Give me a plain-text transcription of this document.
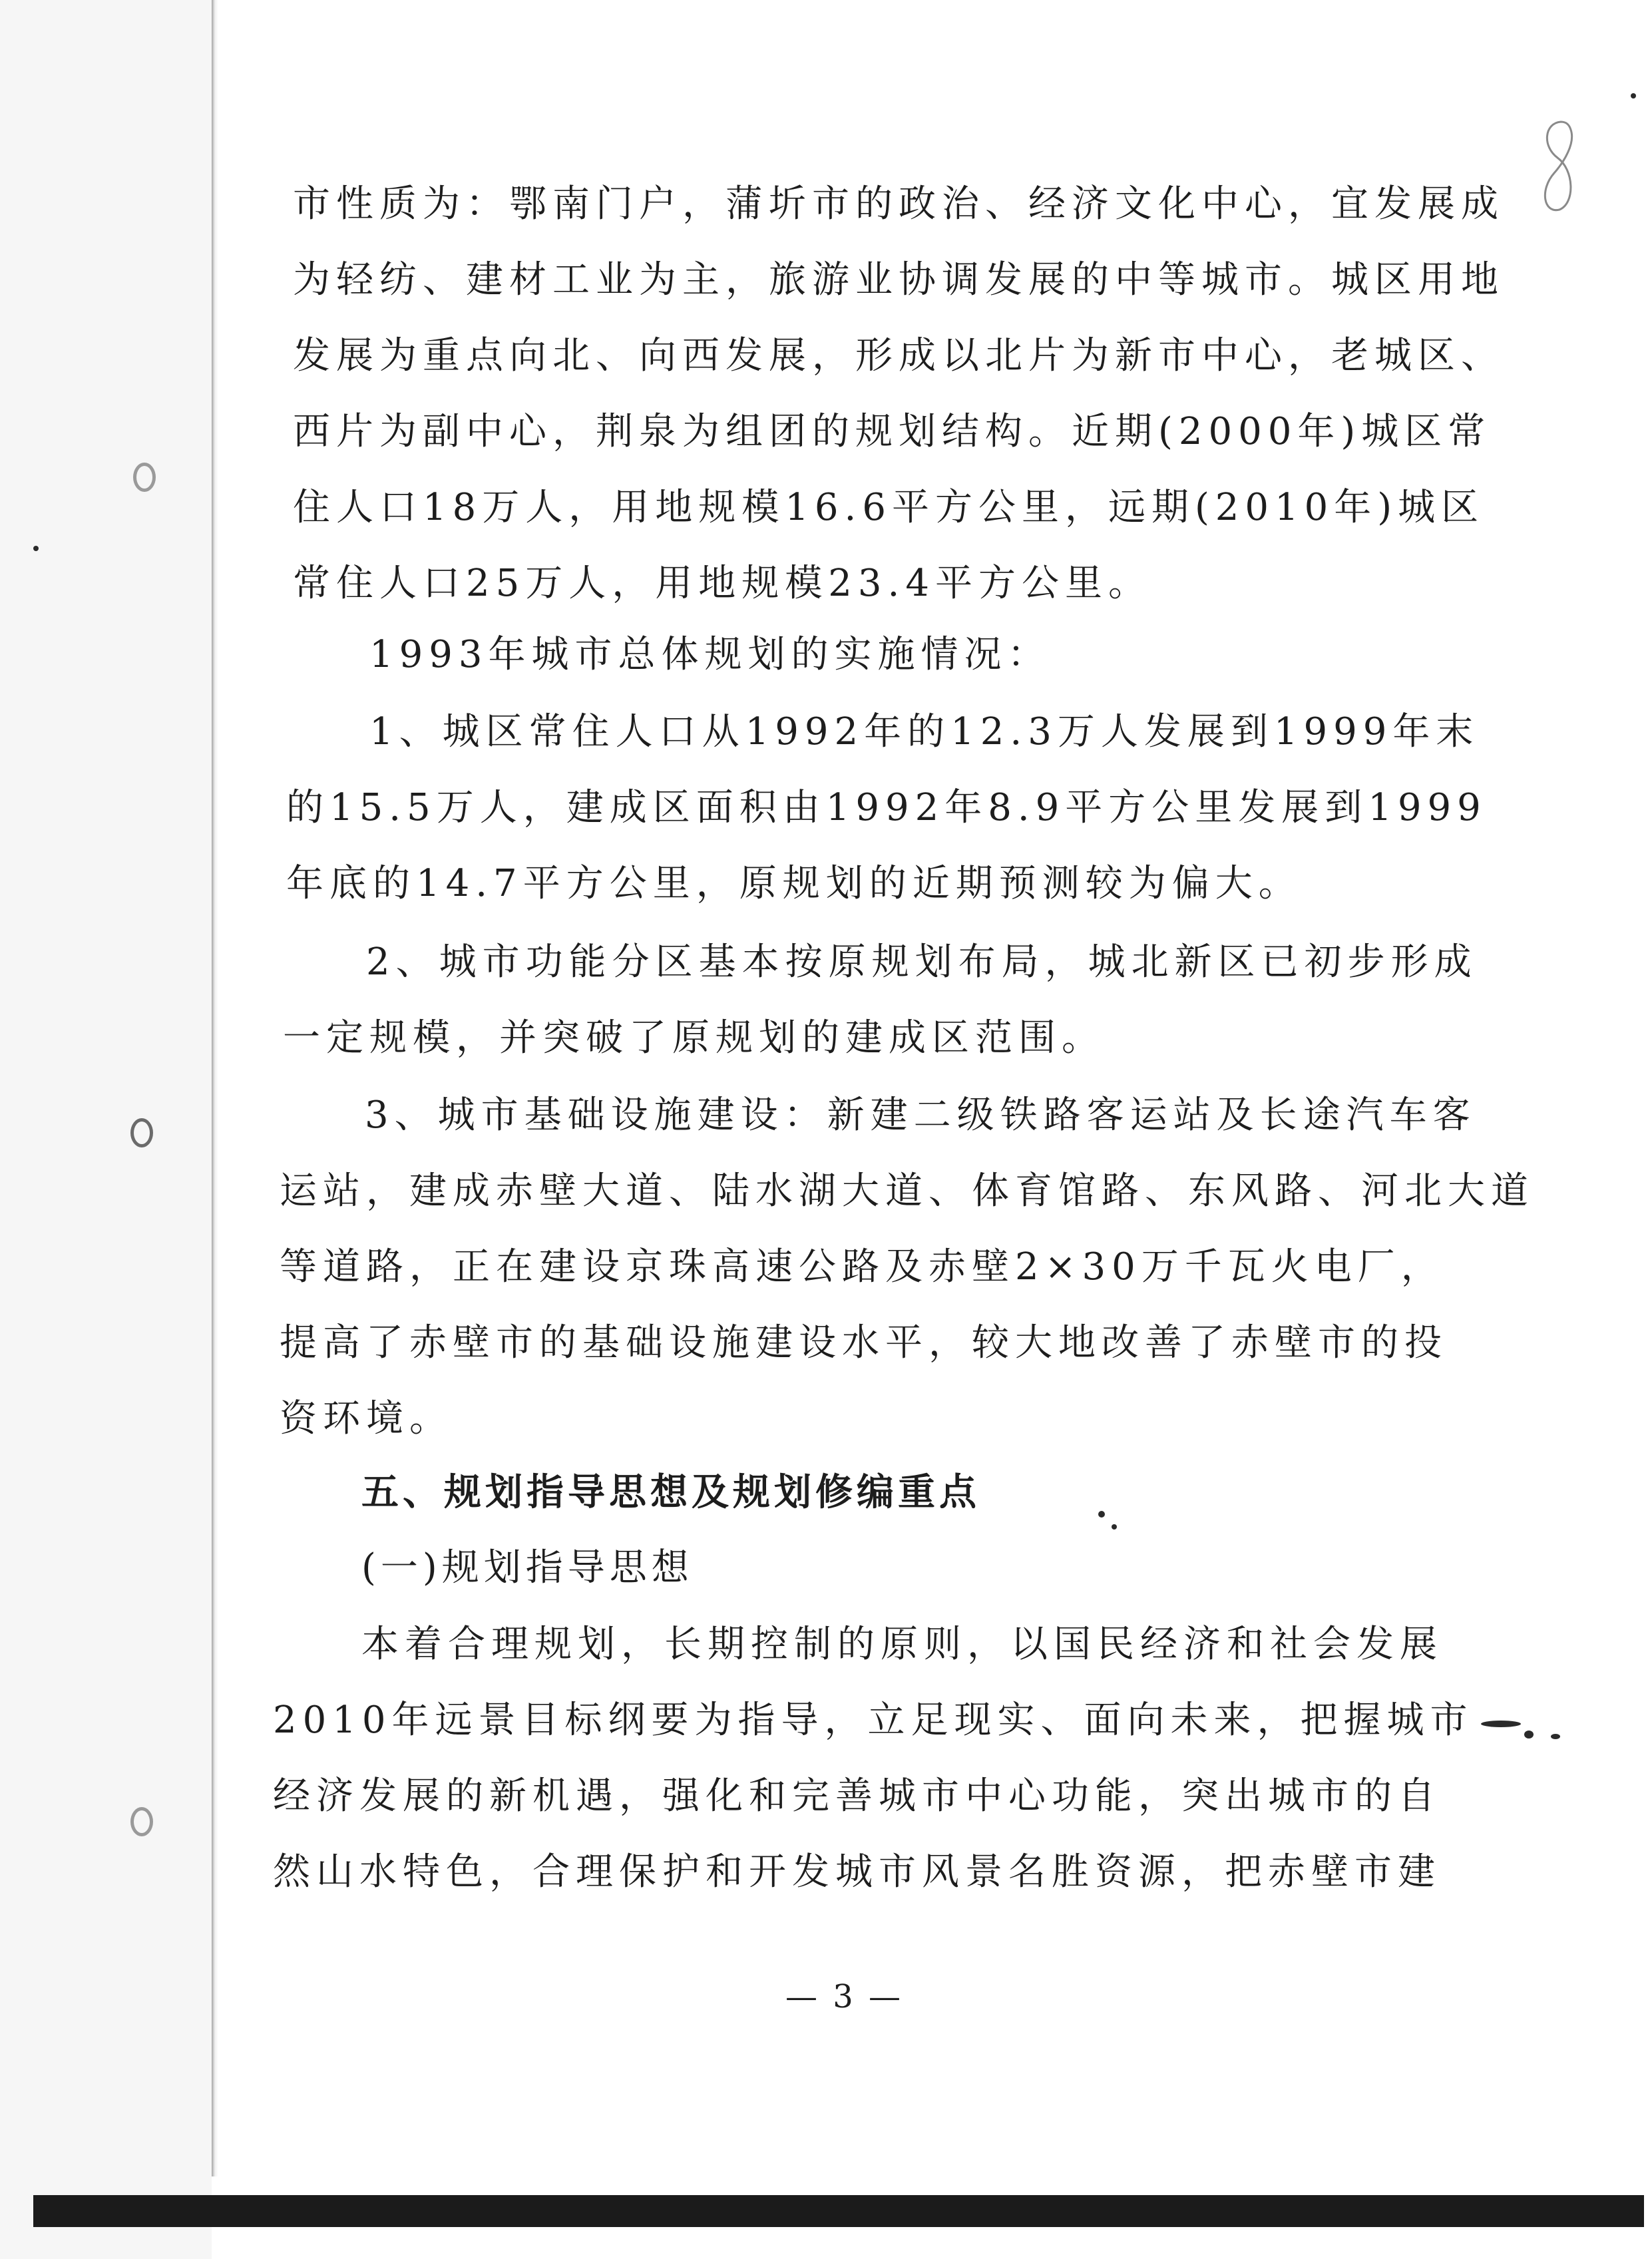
市性质为：鄂南门户，蒲圻市的政治、经济文化中心，宜发展成
为轻纺、建材工业为主，旅游业协调发展的中等城市。城区用地
发展为重点向北、向西发展，形成以北片为新市中心，老城区、
西片为副中心，荆泉为组团的规划结构。近期(2000年)城区常
住人口18万人，用地规模16.6平方公里，远期(2010年)城区
常住人口25万人，用地规模23.4平方公里。
1993年城市总体规划的实施情况：
1、城区常住人口从1992年的12.3万人发展到1999年末
的15.5万人，建成区面积由1992年8.9平方公里发展到1999
年底的14.7平方公里，原规划的近期预测较为偏大。
2、城市功能分区基本按原规划布局，城北新区已初步形成
一定规模，并突破了原规划的建成区范围。
3、城市基础设施建设：新建二级铁路客运站及长途汽车客
运站，建成赤壁大道、陆水湖大道、体育馆路、东风路、河北大道
等道路，正在建设京珠高速公路及赤壁2×30万千瓦火电厂，
提高了赤壁市的基础设施建设水平，较大地改善了赤壁市的投
资环境。
五、规划指导思想及规划修编重点
(一)规划指导思想
本着合理规划，长期控制的原则，以国民经济和社会发展
2010年远景目标纲要为指导，立足现实、面向未来，把握城市
经济发展的新机遇，强化和完善城市中心功能，突出城市的自
然山水特色，合理保护和开发城市风景名胜资源，把赤壁市建
— 3 —
